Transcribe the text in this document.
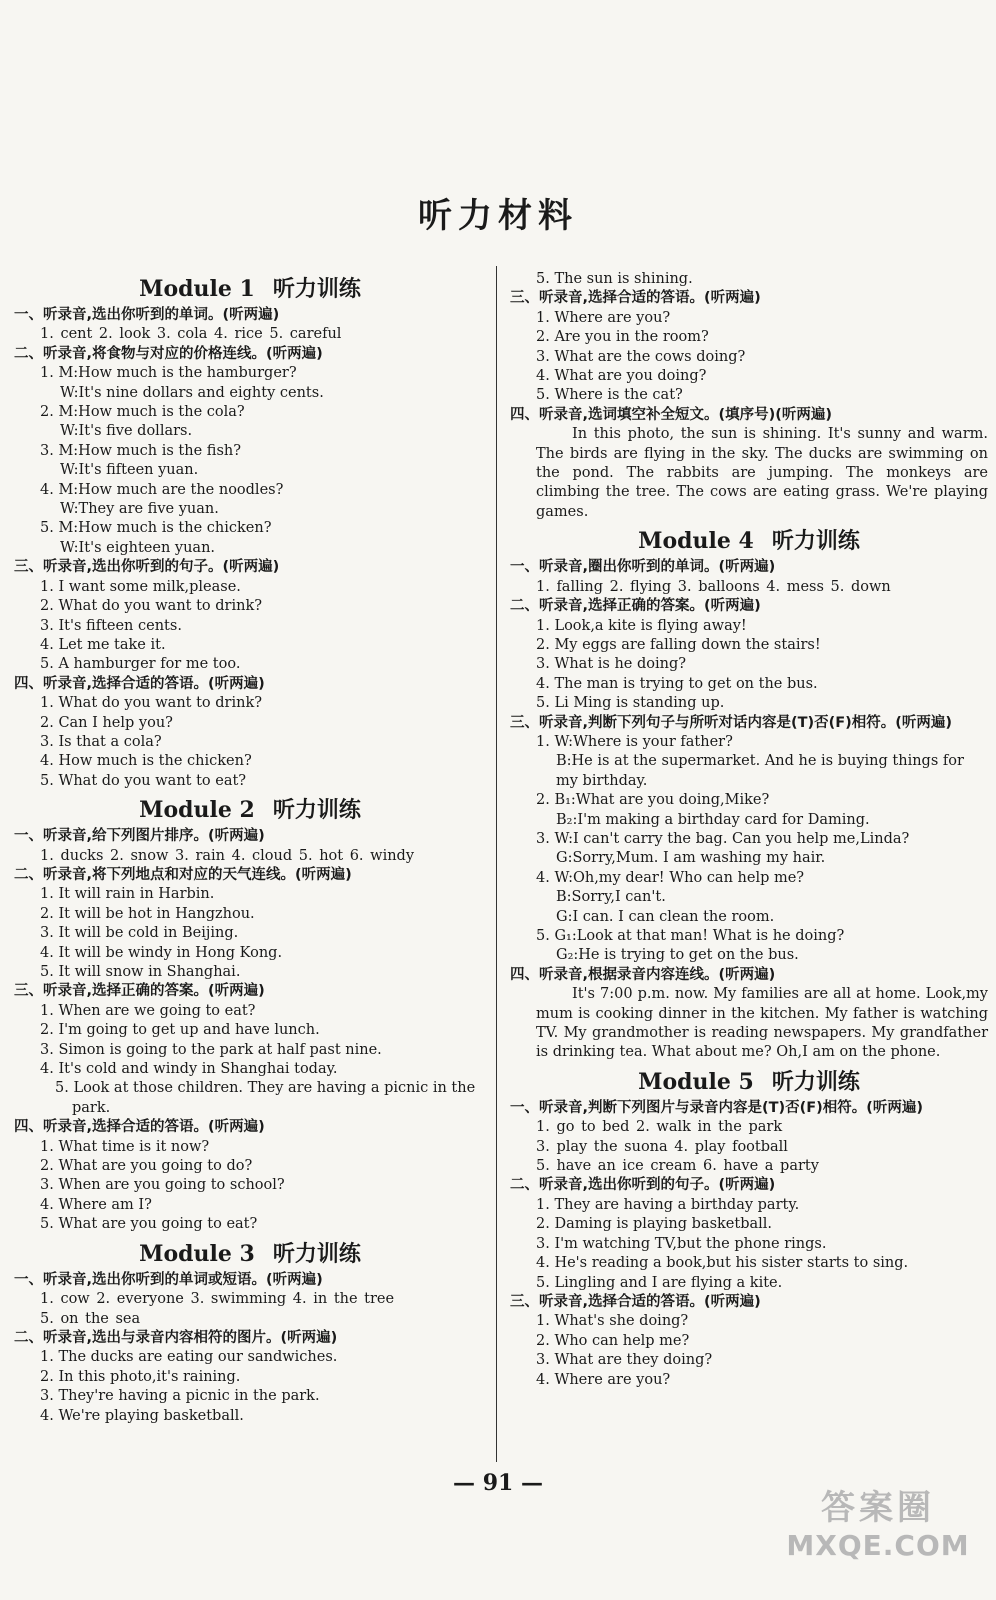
听力材料
Module 1 听力训练
一、听录音,选出你听到的单词。(听两遍)
1. cent 2. look 3. cola 4. rice 5. careful
二、听录音,将食物与对应的价格连线。(听两遍)
1. M:How much is the hamburger?
W:It's nine dollars and eighty cents.
2. M:How much is the cola?
W:It's five dollars.
3. M:How much is the fish?
W:It's fifteen yuan.
4. M:How much are the noodles?
W:They are five yuan.
5. M:How much is the chicken?
W:It's eighteen yuan.
三、听录音,选出你听到的句子。(听两遍)
1. I want some milk,please.
2. What do you want to drink?
3. It's fifteen cents.
4. Let me take it.
5. A hamburger for me too.
四、听录音,选择合适的答语。(听两遍)
1. What do you want to drink?
2. Can I help you?
3. Is that a cola?
4. How much is the chicken?
5. What do you want to eat?
Module 2 听力训练
一、听录音,给下列图片排序。(听两遍)
1. ducks 2. snow 3. rain 4. cloud 5. hot 6. windy
二、听录音,将下列地点和对应的天气连线。(听两遍)
1. It will rain in Harbin.
2. It will be hot in Hangzhou.
3. It will be cold in Beijing.
4. It will be windy in Hong Kong.
5. It will snow in Shanghai.
三、听录音,选择正确的答案。(听两遍)
1. When are we going to eat?
2. I'm going to get up and have lunch.
3. Simon is going to the park at half past nine.
4. It's cold and windy in Shanghai today.
5. Look at those children. They are having a picnic in the park.
四、听录音,选择合适的答语。(听两遍)
1. What time is it now?
2. What are you going to do?
3. When are you going to school?
4. Where am I?
5. What are you going to eat?
Module 3 听力训练
一、听录音,选出你听到的单词或短语。(听两遍)
1. cow 2. everyone 3. swimming 4. in the tree
5. on the sea
二、听录音,选出与录音内容相符的图片。(听两遍)
1. The ducks are eating our sandwiches.
2. In this photo,it's raining.
3. They're having a picnic in the park.
4. We're playing basketball.
5. The sun is shining.
三、听录音,选择合适的答语。(听两遍)
1. Where are you?
2. Are you in the room?
3. What are the cows doing?
4. What are you doing?
5. Where is the cat?
四、听录音,选词填空补全短文。(填序号)(听两遍)
In this photo, the sun is shining. It's sunny and warm. The birds are flying in the sky. The ducks are swimming on the pond. The rabbits are jumping. The monkeys are climbing the tree. The cows are eating grass. We're playing games.
Module 4 听力训练
一、听录音,圈出你听到的单词。(听两遍)
1. falling 2. flying 3. balloons 4. mess 5. down
二、听录音,选择正确的答案。(听两遍)
1. Look,a kite is flying away!
2. My eggs are falling down the stairs!
3. What is he doing?
4. The man is trying to get on the bus.
5. Li Ming is standing up.
三、听录音,判断下列句子与所听对话内容是(T)否(F)相符。(听两遍)
1. W:Where is your father?
B:He is at the supermarket. And he is buying things for my birthday.
2. B₁:What are you doing,Mike?
B₂:I'm making a birthday card for Daming.
3. W:I can't carry the bag. Can you help me,Linda?
G:Sorry,Mum. I am washing my hair.
4. W:Oh,my dear! Who can help me?
B:Sorry,I can't.
G:I can. I can clean the room.
5. G₁:Look at that man! What is he doing?
G₂:He is trying to get on the bus.
四、听录音,根据录音内容连线。(听两遍)
It's 7:00 p.m. now. My families are all at home. Look,my mum is cooking dinner in the kitchen. My father is watching TV. My grandmother is reading newspapers. My grandfather is drinking tea. What about me? Oh,I am on the phone.
Module 5 听力训练
一、听录音,判断下列图片与录音内容是(T)否(F)相符。(听两遍)
1. go to bed 2. walk in the park
3. play the suona 4. play football
5. have an ice cream 6. have a party
二、听录音,选出你听到的句子。(听两遍)
1. They are having a birthday party.
2. Daming is playing basketball.
3. I'm watching TV,but the phone rings.
4. He's reading a book,but his sister starts to sing.
5. Lingling and I are flying a kite.
三、听录音,选择合适的答语。(听两遍)
1. What's she doing?
2. Who can help me?
3. What are they doing?
4. Where are you?
— 91 —
答案圈
MXQE.COM
